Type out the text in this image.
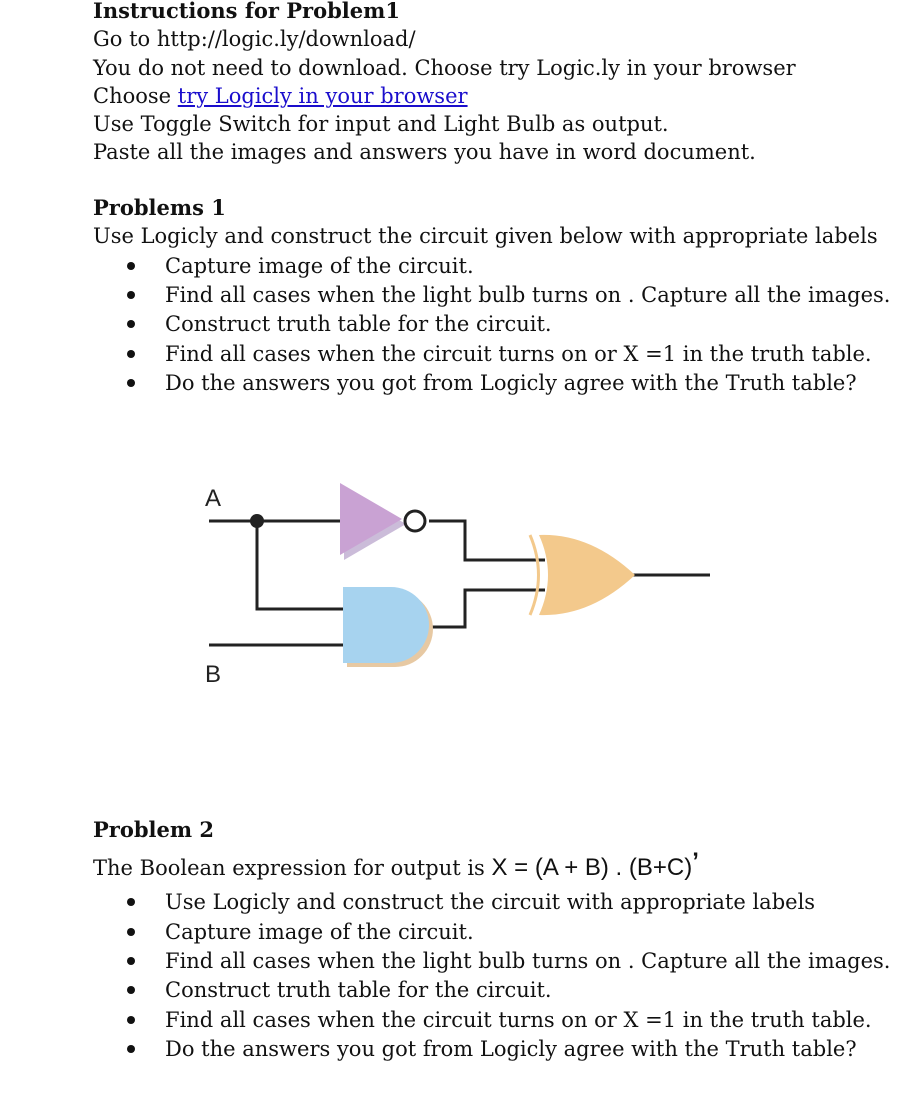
Instructions for Problem1
Go to http://logic.ly/download/
You do not need to download. Choose try Logic.ly in your browser
Choose try Logicly in your browser
Use Toggle Switch for input and Light Bulb as output.
Paste all the images and answers you have in word document.
Problems 1
Use Logicly and construct the circuit given below with appropriate labels
Capture image of the circuit.
Find all cases when the light bulb turns on . Capture all the images.
Construct truth table for the circuit.
Find all cases when the circuit turns on or X =1 in the truth table.
Do the answers you got from Logicly agree with the Truth table?
Problem 2
The Boolean expression for output is X = (A + B) . (B+C)’
Use Logicly and construct the circuit with appropriate labels
Capture image of the circuit.
Find all cases when the light bulb turns on . Capture all the images.
Construct truth table for the circuit.
Find all cases when the circuit turns on or X =1 in the truth table.
Do the answers you got from Logicly agree with the Truth table?
A
B
